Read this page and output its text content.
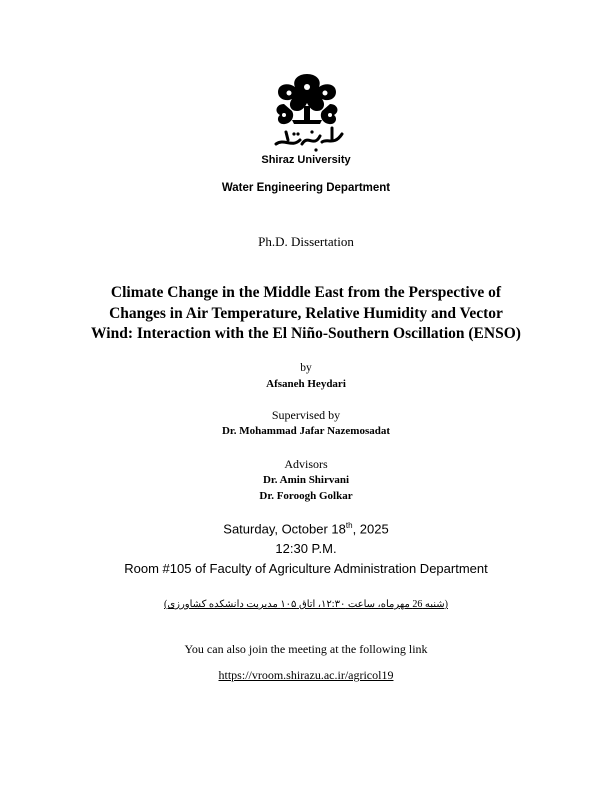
Shiraz University
Water Engineering Department
Ph.D. Dissertation
Climate Change in the Middle East from the Perspective of
Changes in Air Temperature, Relative Humidity and Vector
Wind: Interaction with the El Niño-Southern Oscillation (ENSO)
by
Afsaneh Heydari
Supervised by
Dr. Mohammad Jafar Nazemosadat
Advisors
Dr. Amin Shirvani
Dr. Foroogh Golkar
Saturday, October 18th, 2025
12:30 P.M.
Room #105 of Faculty of Agriculture Administration Department
(شنبه 26 مهرماه، ساعت ۱۲:۳۰، اتاق ۱۰۵ مدیریت دانشکده کشاورزی)
You can also join the meeting at the following link
https://vroom.shirazu.ac.ir/agricol19
